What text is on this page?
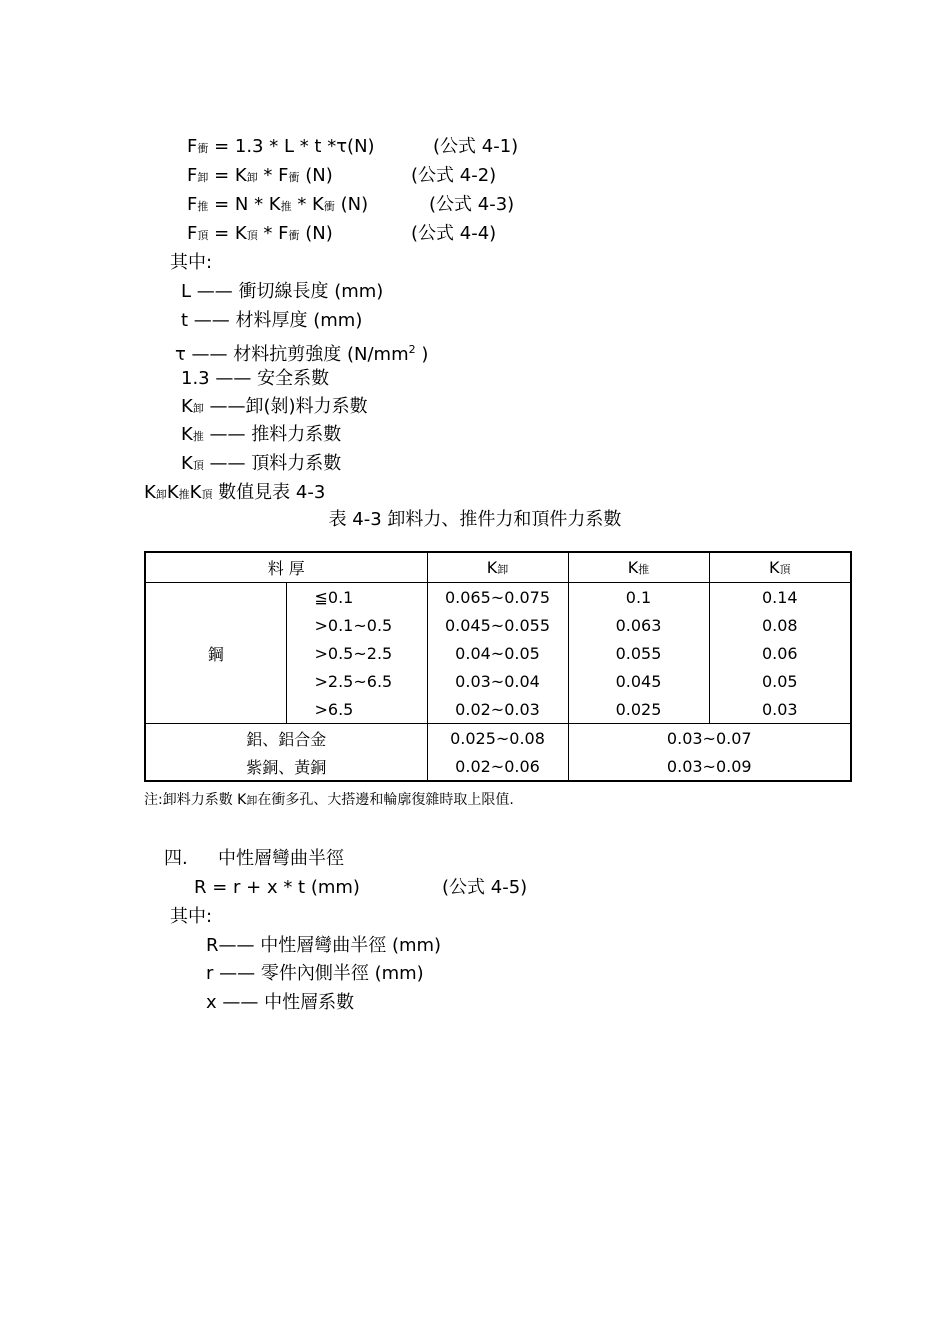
F衝 = 1.3 * L * t *τ(N)	(公式 4-1)
F卸 = K卸 * F衝 (N)	(公式 4-2)
F推 = N * K推 * K衝 (N)	(公式 4-3)
F頂 = K頂 * F衝 (N)	(公式 4-4)
其中:
L —— 衝切線長度 (mm)
t —— 材料厚度 (mm)
τ —— 材料抗剪強度 ($N/mm^2$ )
1.3 —— 安全系數
K卸 ——卸(剝)料力系數
K推 —— 推料力系數
K頂 —— 頂料力系數
K卸K推K頂 數值見表 4-3
表 4-3 卸料力、推件力和頂件力系數
料 厚		K卸	K推	K頂
鋼	≦0.1	0.065~0.075	0.1	0.14
	>0.1~0.5	0.045~0.055	0.063	0.08
	>0.5~2.5	0.04~0.05	0.055	0.06
	>2.5~6.5	0.03~0.04	0.045	0.05
	>6.5	0.02~0.03	0.025	0.03
鋁、鋁合金		0.025~0.08	0.03~0.07	
紫銅、黃銅		0.02~0.06	0.03~0.09	
注:卸料力系數 K卸在衝多孔、大搭邊和輪廓復雜時取上限值.
四. 中性層彎曲半徑
R = r + x * t (mm)	(公式 4-5)
其中:
R—— 中性層彎曲半徑 (mm)
r —— 零件內側半徑 (mm)
x —— 中性層系數
